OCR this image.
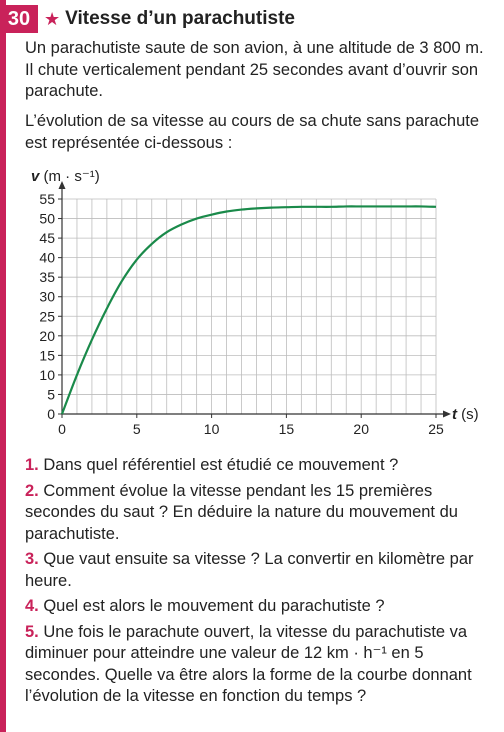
30 ★ Vitesse d’un parachutiste
Un parachutiste saute de son avion, à une altitude de 3 800 m. Il chute verticalement pendant 25 secondes avant d’ouvrir son parachute.
L’évolution de sa vitesse au cours de sa chute sans parachute est représentée ci-dessous :
0
5
10
15
20
25
30
35
40
45
50
55
0	5	10	15	20	25
v (m · s⁻¹)
t (s)
1. Dans quel référentiel est étudié ce mouvement ?
2. Comment évolue la vitesse pendant les 15 premières secondes du saut ? En déduire la nature du mouvement du parachutiste.
3. Que vaut ensuite sa vitesse ? La convertir en kilomètre par heure.
4. Quel est alors le mouvement du parachutiste ?
5. Une fois le parachute ouvert, la vitesse du parachutiste va diminuer pour atteindre une valeur de 12 km · h⁻¹ en 5 secondes. Quelle va être alors la forme de la courbe donnant l’évolution de la vitesse en fonction du temps ?
